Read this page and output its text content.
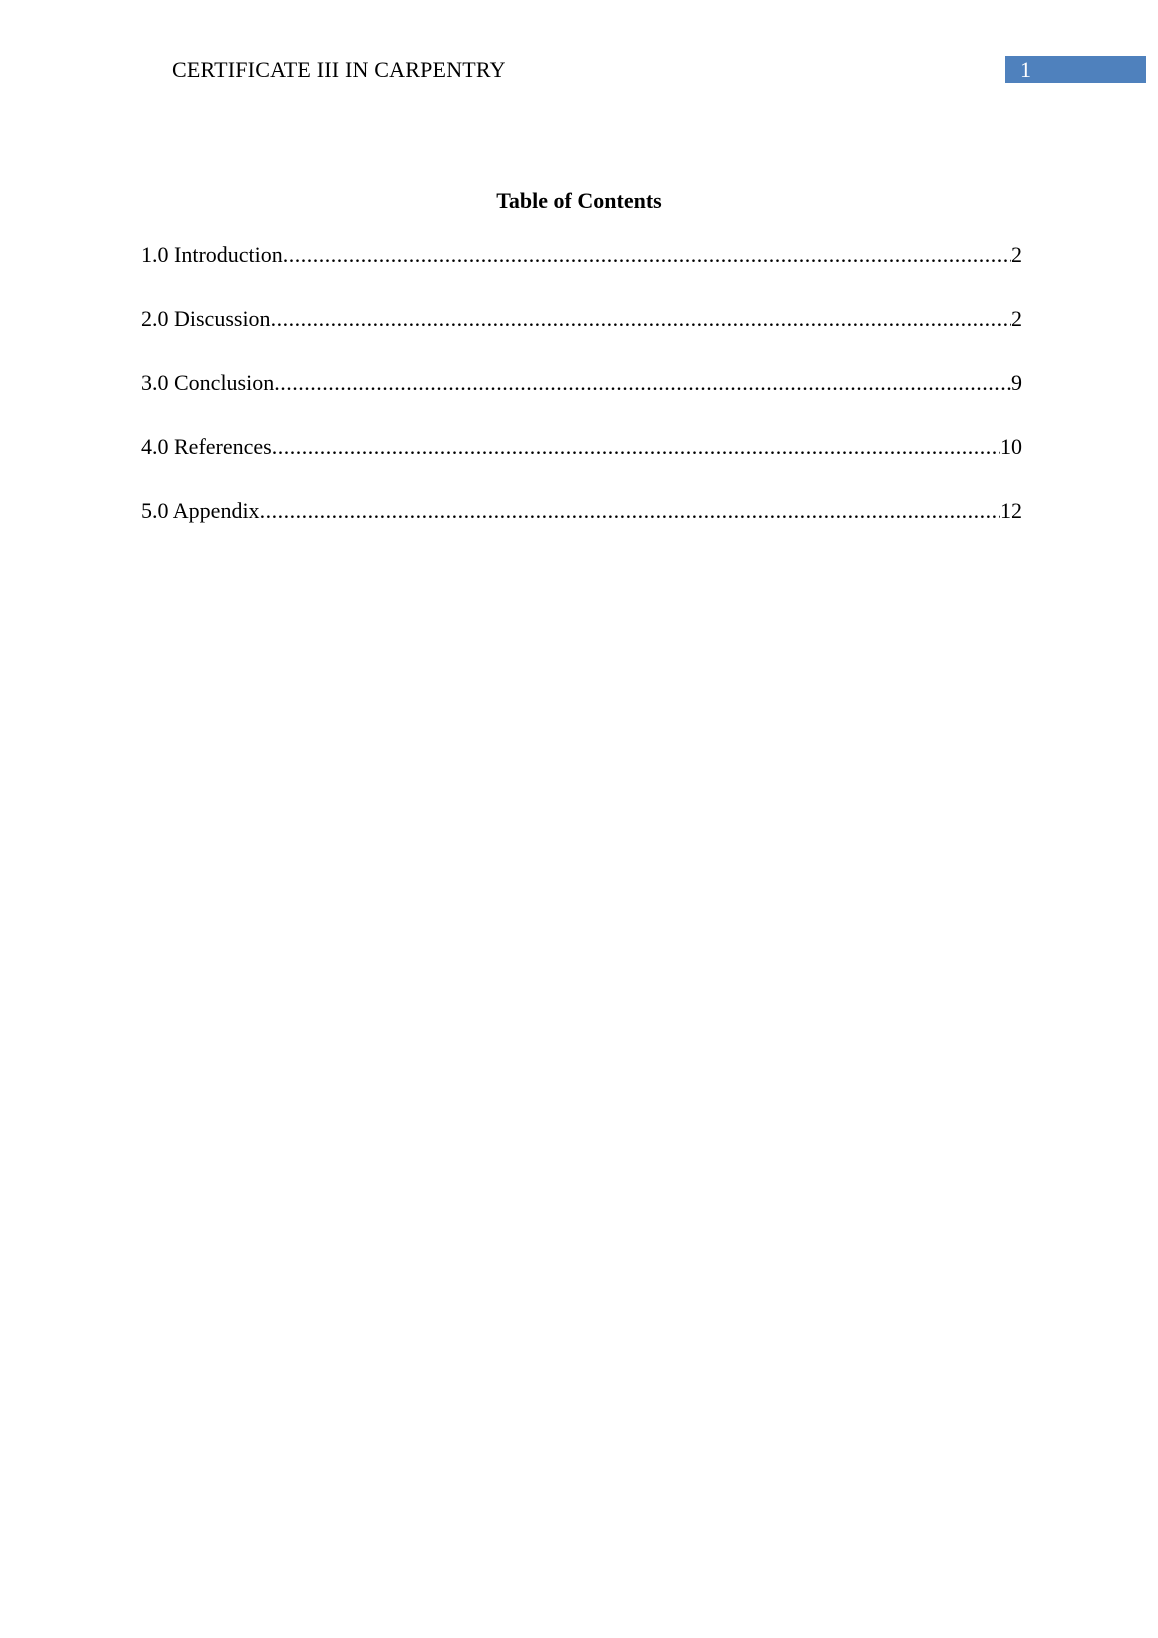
CERTIFICATE III IN CARPENTRY	1
Table of Contents
1.0 Introduction .....	2
2.0 Discussion .....	2
3.0 Conclusion .....	9
4.0 References .....	10
5.0 Appendix .....	12
